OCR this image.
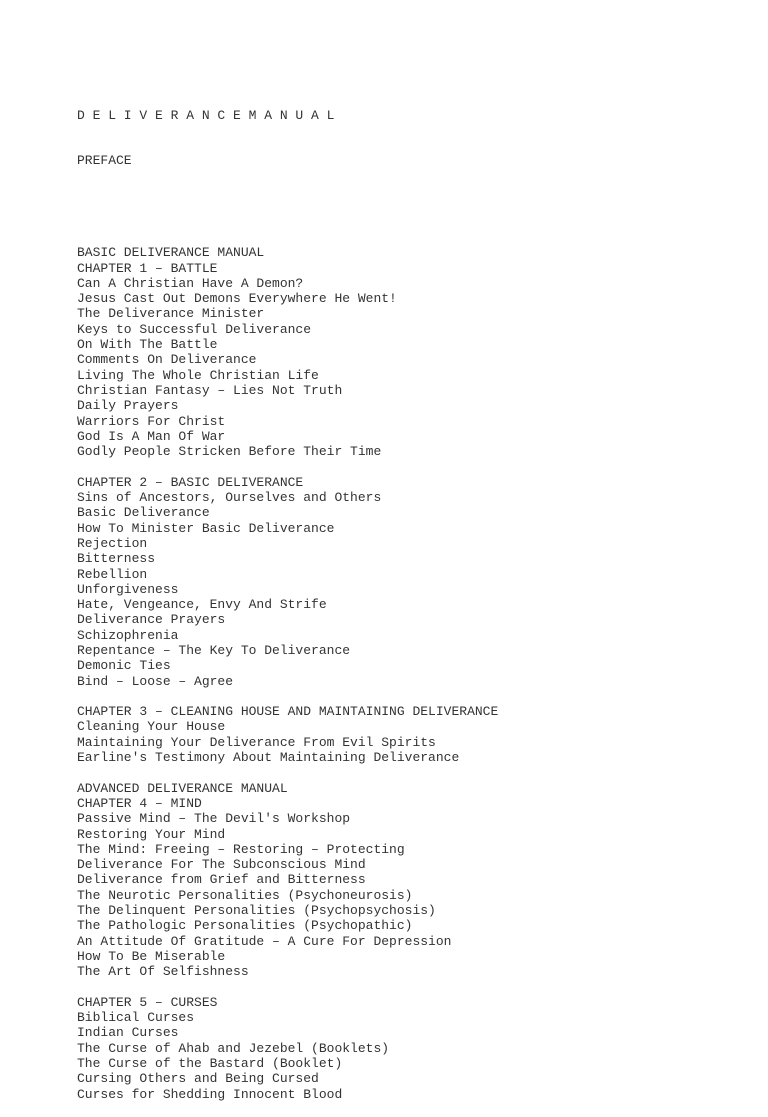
D E L I V E R A N C E M A N U A L

PREFACE

BASIC DELIVERANCE MANUAL
CHAPTER 1 – BATTLE
Can A Christian Have A Demon?
Jesus Cast Out Demons Everywhere He Went!
The Deliverance Minister
Keys to Successful Deliverance
On With The Battle
Comments On Deliverance
Living The Whole Christian Life
Christian Fantasy – Lies Not Truth
Daily Prayers
Warriors For Christ
God Is A Man Of War
Godly People Stricken Before Their Time
CHAPTER 2 – BASIC DELIVERANCE
Sins of Ancestors, Ourselves and Others
Basic Deliverance
How To Minister Basic Deliverance
Rejection
Bitterness
Rebellion
Unforgiveness
Hate, Vengeance, Envy And Strife
Deliverance Prayers
Schizophrenia
Repentance – The Key To Deliverance
Demonic Ties
Bind – Loose – Agree
CHAPTER 3 – CLEANING HOUSE AND MAINTAINING DELIVERANCE
Cleaning Your House
Maintaining Your Deliverance From Evil Spirits
Earline's Testimony About Maintaining Deliverance
ADVANCED DELIVERANCE MANUAL
CHAPTER 4 – MIND
Passive Mind – The Devil's Workshop
Restoring Your Mind
The Mind: Freeing – Restoring – Protecting
Deliverance For The Subconscious Mind
Deliverance from Grief and Bitterness
The Neurotic Personalities (Psychoneurosis)
The Delinquent Personalities (Psychopsychosis)
The Pathologic Personalities (Psychopathic)
An Attitude Of Gratitude – A Cure For Depression
How To Be Miserable
The Art Of Selfishness
CHAPTER 5 – CURSES
Biblical Curses
Indian Curses
The Curse of Ahab and Jezebel (Booklets)
The Curse of the Bastard (Booklet)
Cursing Others and Being Cursed
Curses for Shedding Innocent Blood
